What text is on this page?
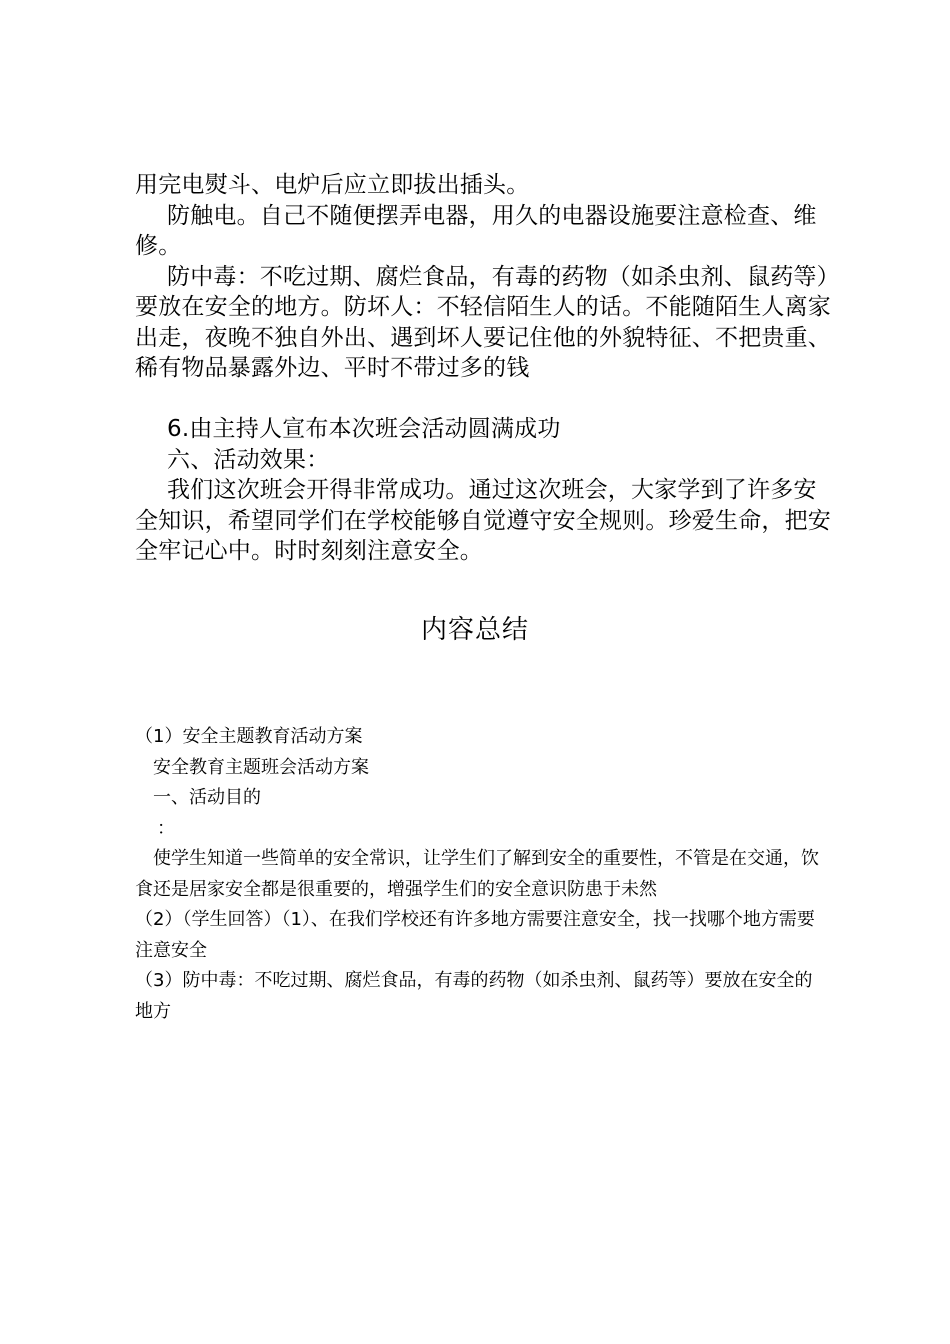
用完电熨斗、电炉后应立即拔出插头。

防触电。自己不随便摆弄电器，用久的电器设施要注意检查、维修。

防中毒：不吃过期、腐烂食品，有毒的药物（如杀虫剂、鼠药等）要放在安全的地方。防坏人：不轻信陌生人的话。不能随陌生人离家出走，夜晚不独自外出、遇到坏人要记住他的外貌特征、不把贵重、稀有物品暴露外边、平时不带过多的钱

6.由主持人宣布本次班会活动圆满成功

六、活动效果：

我们这次班会开得非常成功。通过这次班会，大家学到了许多安全知识，希望同学们在学校能够自觉遵守安全规则。珍爱生命，把安全牢记心中。时时刻刻注意安全。

内容总结

（1）安全主题教育活动方案

安全教育主题班会活动方案

一、活动目的

：

使学生知道一些简单的安全常识，让学生们了解到安全的重要性，不管是在交通，饮食还是居家安全都是很重要的，增强学生们的安全意识防患于未然

（2）（学生回答）（1）、在我们学校还有许多地方需要注意安全，找一找哪个地方需要注意安全

（3）防中毒：不吃过期、腐烂食品，有毒的药物（如杀虫剂、鼠药等）要放在安全的地方
